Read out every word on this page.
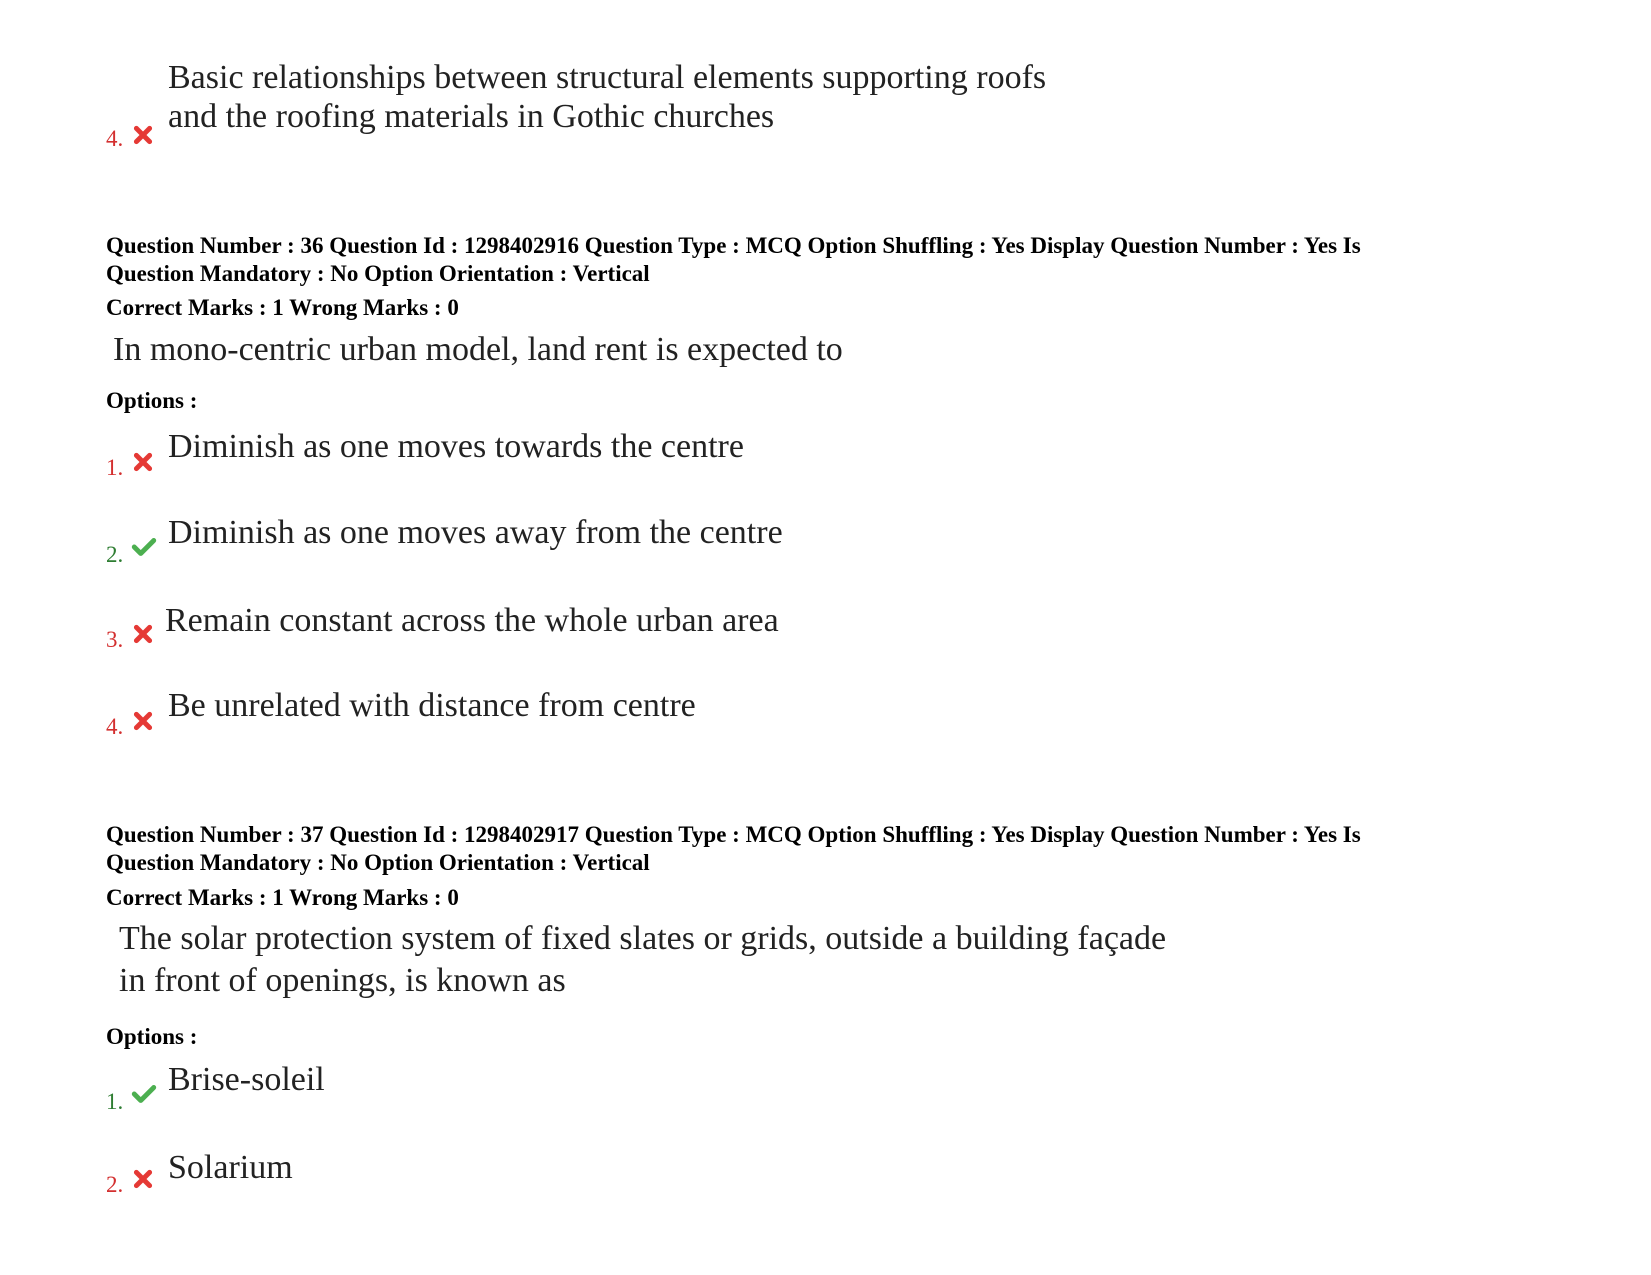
Basic relationships between structural elements supporting roofs
and the roofing materials in Gothic churches
4.
Question Number : 36 Question Id : 1298402916 Question Type : MCQ Option Shuffling : Yes Display Question Number : Yes Is
Question Mandatory : No Option Orientation : Vertical
Correct Marks : 1 Wrong Marks : 0
In mono-centric urban model, land rent is expected to
Options :
1.
Diminish as one moves towards the centre
2.
Diminish as one moves away from the centre
3.
Remain constant across the whole urban area
4.
Be unrelated with distance from centre
Question Number : 37 Question Id : 1298402917 Question Type : MCQ Option Shuffling : Yes Display Question Number : Yes Is
Question Mandatory : No Option Orientation : Vertical
Correct Marks : 1 Wrong Marks : 0
The solar protection system of fixed slates or grids, outside a building façade
in front of openings, is known as
Options :
1.
Brise-soleil
2. Solarium
